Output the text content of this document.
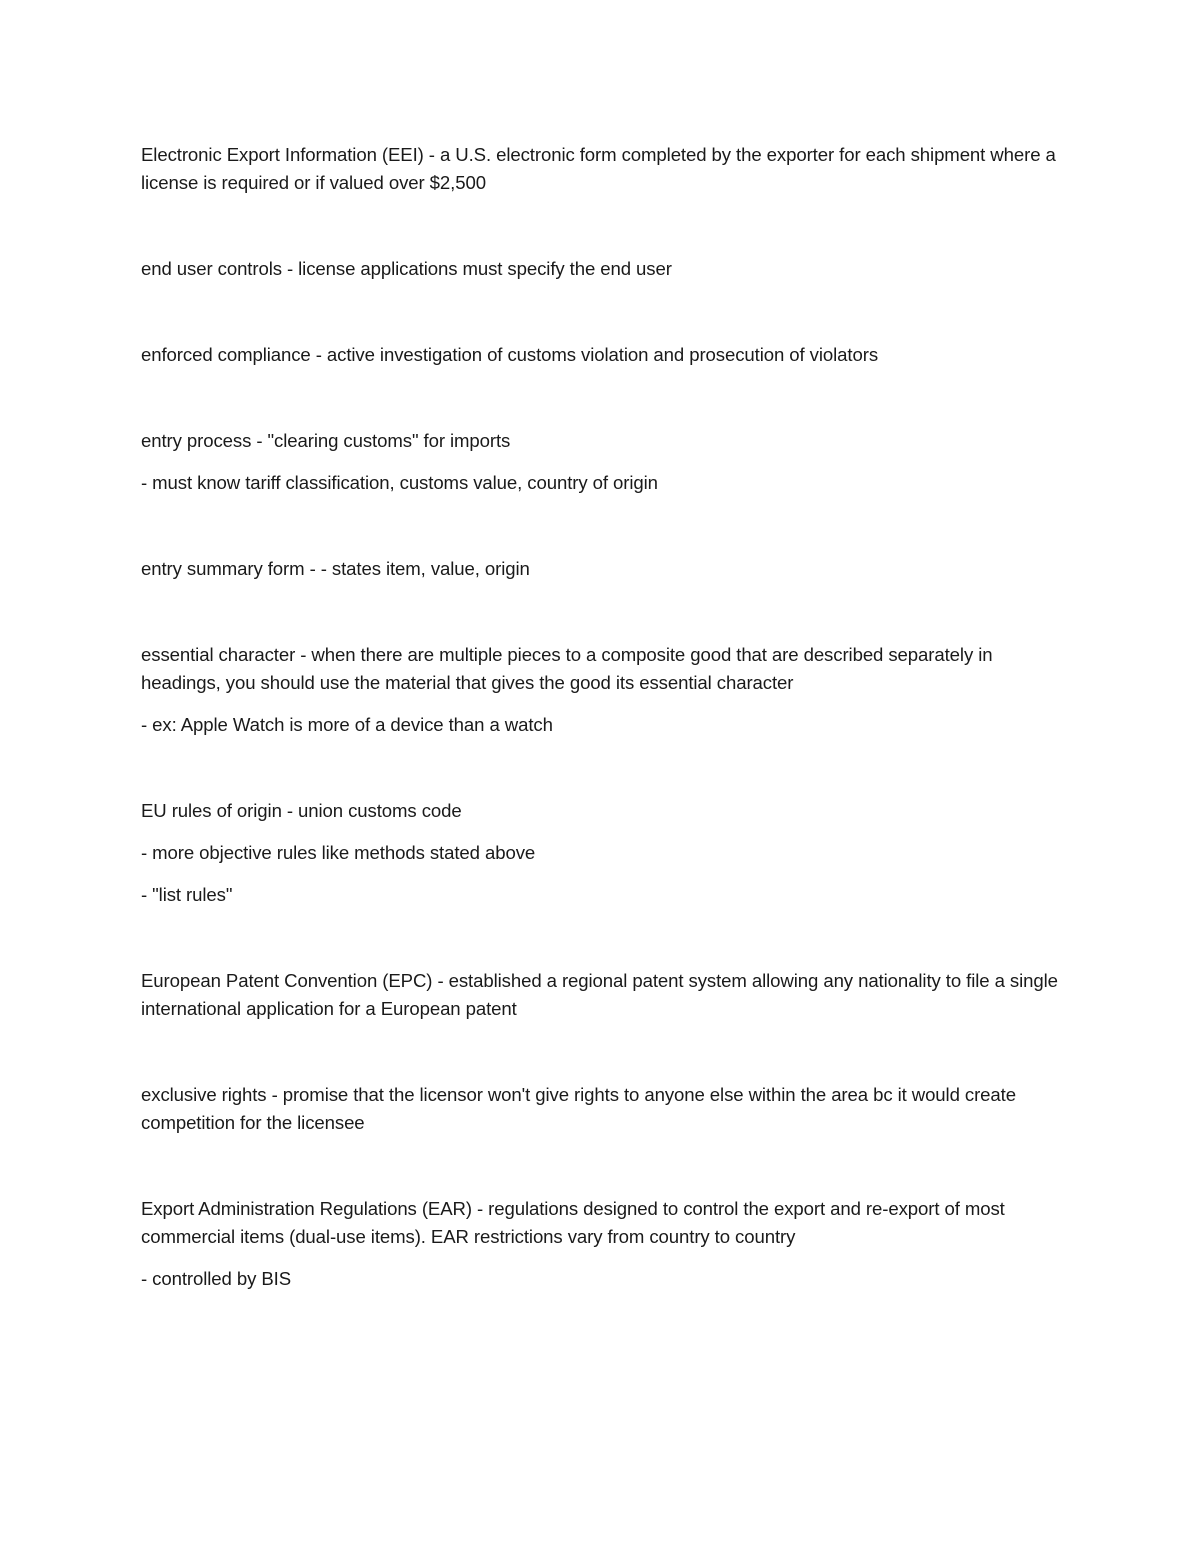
Electronic Export Information (EEI) - a U.S. electronic form completed by the exporter for each shipment where a license is required or if valued over $2,500

end user controls - license applications must specify the end user

enforced compliance - active investigation of customs violation and prosecution of violators

entry process - "clearing customs" for imports

- must know tariff classification, customs value, country of origin

entry summary form - - states item, value, origin

essential character - when there are multiple pieces to a composite good that are described separately in headings, you should use the material that gives the good its essential character

- ex: Apple Watch is more of a device than a watch

EU rules of origin - union customs code

- more objective rules like methods stated above

- "list rules"

European Patent Convention (EPC) - established a regional patent system allowing any nationality to file a single international application for a European patent

exclusive rights - promise that the licensor won't give rights to anyone else within the area bc it would create competition for the licensee

Export Administration Regulations (EAR) - regulations designed to control the export and re-export of most commercial items (dual-use items). EAR restrictions vary from country to country

- controlled by BIS
